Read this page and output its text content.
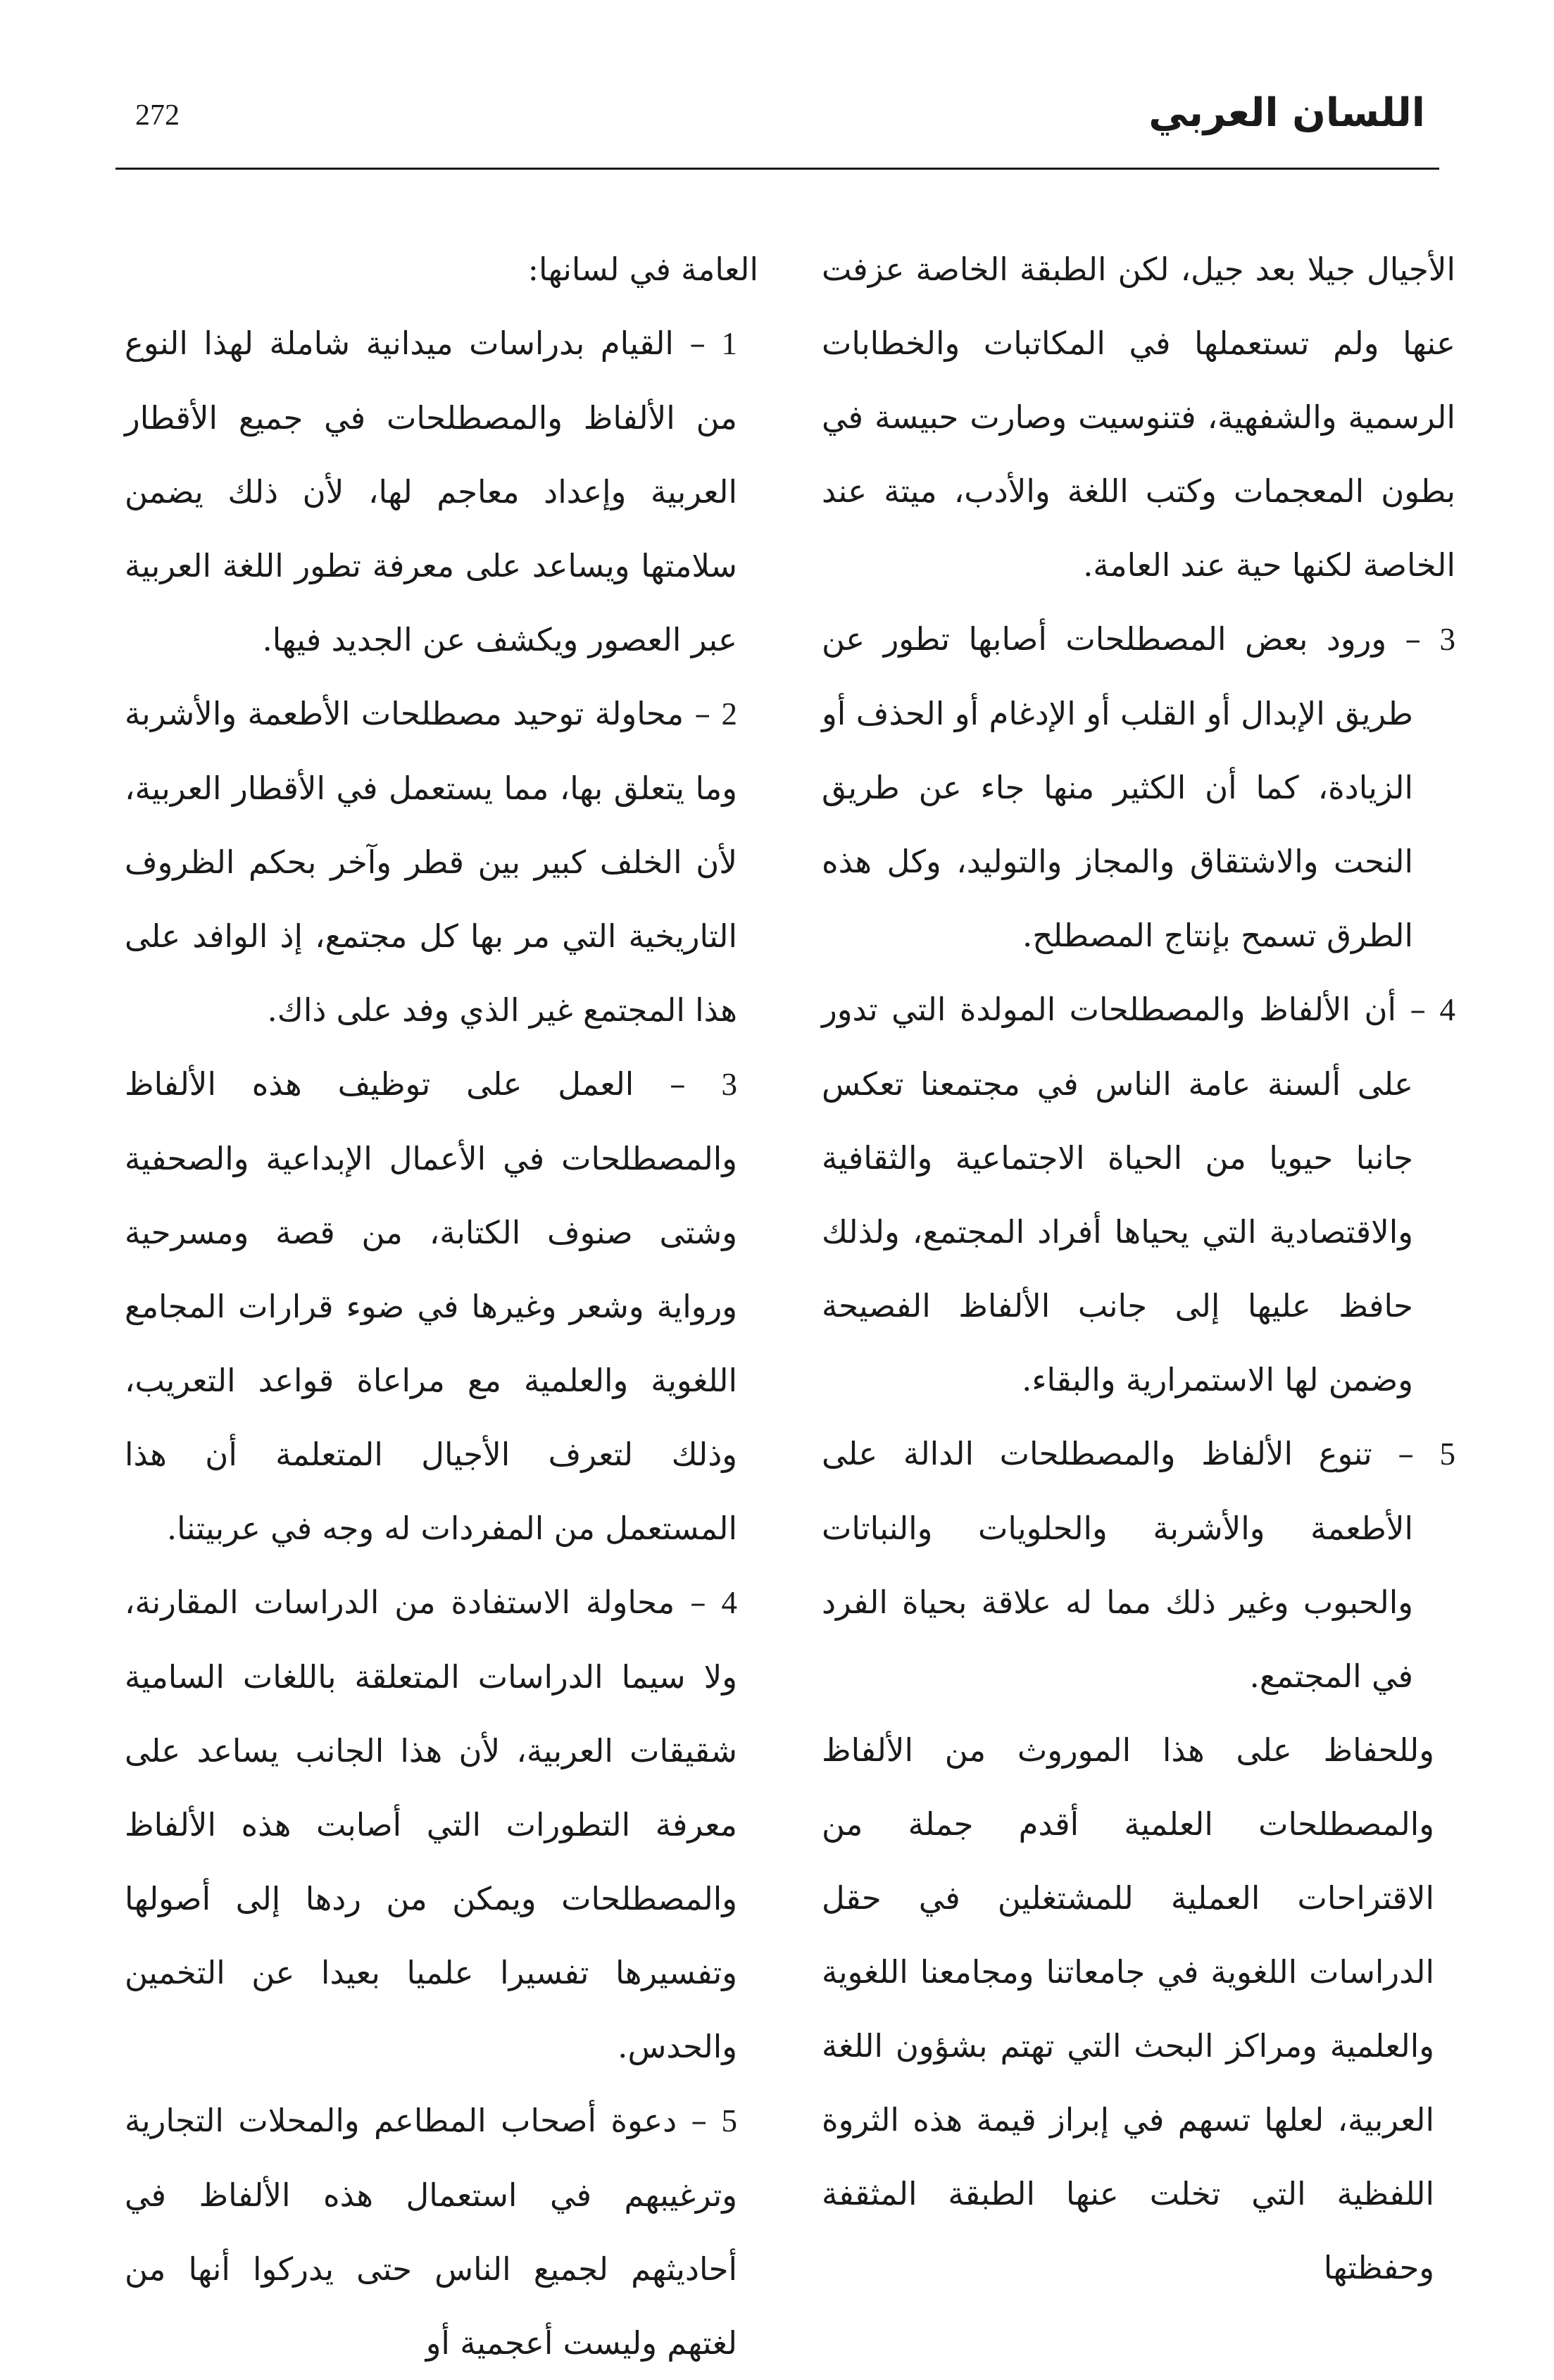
272	اللسان العربي

الأجيال جيلا بعد جيل، لكن الطبقة الخاصة عزفت عنها ولم تستعملها في المكاتبات والخطابات الرسمية والشفهية، فتنوسيت وصارت حبيسة في بطون المعجمات وكتب اللغة والأدب، ميتة عند الخاصة لكنها حية عند العامة.

3 – ورود بعض المصطلحات أصابها تطور عن طريق الإبدال أو القلب أو الإدغام أو الحذف أو الزيادة، كما أن الكثير منها جاء عن طريق النحت والاشتقاق والمجاز والتوليد، وكل هذه الطرق تسمح بإنتاج المصطلح.

4 – أن الألفاظ والمصطلحات المولدة التي تدور على ألسنة عامة الناس في مجتمعنا تعكس جانبا حيويا من الحياة الاجتماعية والثقافية والاقتصادية التي يحياها أفراد المجتمع، ولذلك حافظ عليها إلى جانب الألفاظ الفصيحة وضمن لها الاستمرارية والبقاء.

5 – تنوع الألفاظ والمصطلحات الدالة على الأطعمة والأشربة والحلويات والنباتات والحبوب وغير ذلك مما له علاقة بحياة الفرد في المجتمع.

وللحفاظ على هذا الموروث من الألفاظ والمصطلحات العلمية أقدم جملة من الاقتراحات العملية للمشتغلين في حقل الدراسات اللغوية في جامعاتنا ومجامعنا اللغوية والعلمية ومراكز البحث التي تهتم بشؤون اللغة العربية، لعلها تسهم في إبراز قيمة هذه الثروة اللفظية التي تخلت عنها الطبقة المثقفة وحفظتها

العامة في لسانها:

1 – القيام بدراسات ميدانية شاملة لهذا النوع من الألفاظ والمصطلحات في جميع الأقطار العربية وإعداد معاجم لها، لأن ذلك يضمن سلامتها ويساعد على معرفة تطور اللغة العربية عبر العصور ويكشف عن الجديد فيها.

2 – محاولة توحيد مصطلحات الأطعمة والأشربة وما يتعلق بها، مما يستعمل في الأقطار العربية، لأن الخلف كبير بين قطر وآخر بحكم الظروف التاريخية التي مر بها كل مجتمع، إذ الوافد على هذا المجتمع غير الذي وفد على ذاك.

3 – العمل على توظيف هذه الألفاظ والمصطلحات في الأعمال الإبداعية والصحفية وشتى صنوف الكتابة، من قصة ومسرحية ورواية وشعر وغيرها في ضوء قرارات المجامع اللغوية والعلمية مع مراعاة قواعد التعريب، وذلك لتعرف الأجيال المتعلمة أن هذا المستعمل من المفردات له وجه في عربيتنا.

4 – محاولة الاستفادة من الدراسات المقارنة، ولا سيما الدراسات المتعلقة باللغات السامية شقيقات العربية، لأن هذا الجانب يساعد على معرفة التطورات التي أصابت هذه الألفاظ والمصطلحات ويمكن من ردها إلى أصولها وتفسيرها تفسيرا علميا بعيدا عن التخمين والحدس.

5 – دعوة أصحاب المطاعم والمحلات التجارية وترغيبهم في استعمال هذه الألفاظ في أحاديثهم لجميع الناس حتى يدركوا أنها من لغتهم وليست أعجمية أو
